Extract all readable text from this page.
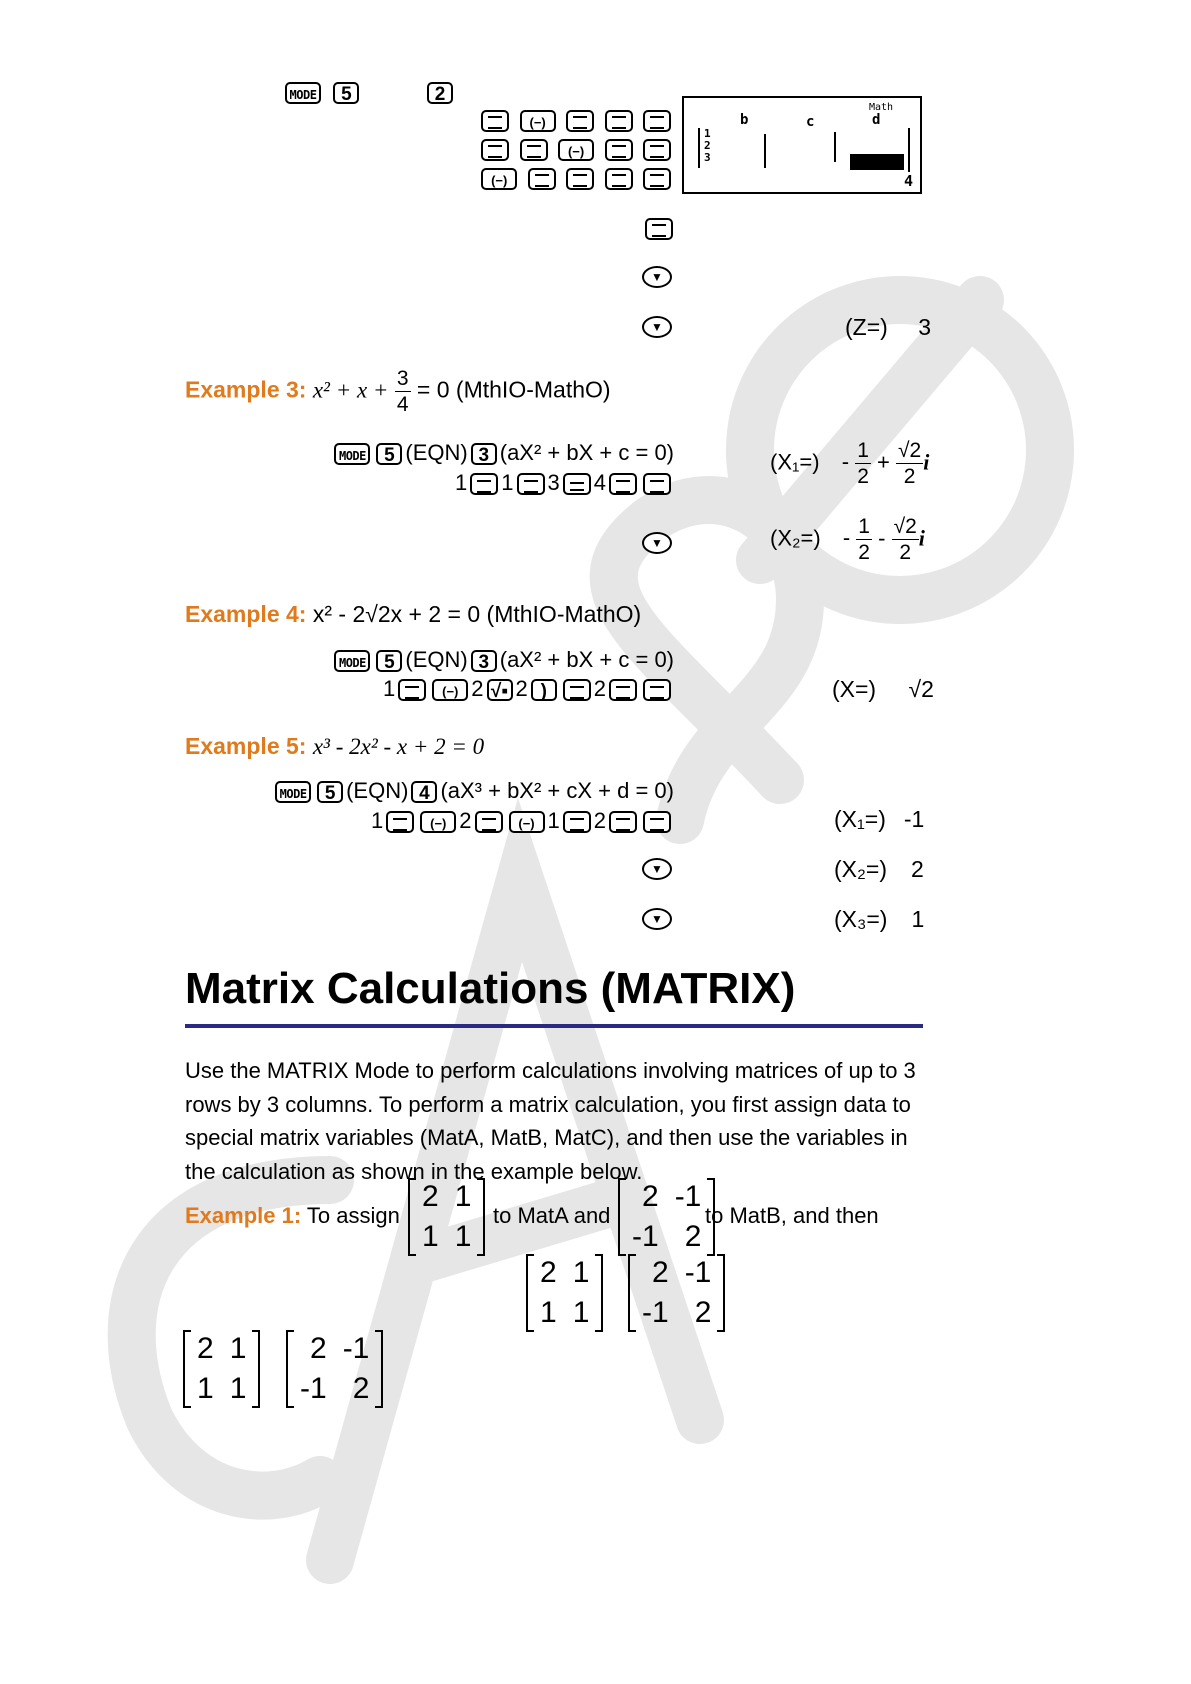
MODE 5	2
(−)
(−)
(−)
Math
b	c	d
1
2
3
4
▼
▼	(Z=) 3
Example 3: $x^2 + x + \frac{3}{4} = 0$ (MthIO-MathO)
MODE 5 (EQN) 3 (aX² + bX + c = 0)
1 1 3 4
$(X_1=) - \frac{1}{2} + \frac{√2}{2}$ i
▼	$(X_2=) - \frac{1}{2} - \frac{√2}{2}$ i
Example 4: x² - 2√2x + 2 = 0 (MthIO-MathO)
MODE 5 (EQN) 3 (aX² + bX + c = 0)
1	(−) 2 √▪ 2 ) 2	(X=) √2
Example 5: x³ - 2x² - x + 2 = 0
MODE 5 (EQN) 4 (aX³ + bX² + cX + d = 0)
1	(−) 2	(−) 1 2	(X₁=) -1
▼	(X₂=) 2
▼	(X₃=) 1
Matrix Calculations (MATRIX)
Use the MATRIX Mode to perform calculations involving matrices of up to 3 rows by 3 columns. To perform a matrix calculation, you first assign data to special matrix variables (MatA, MatB, MatC), and then use the variables in the calculation as shown in the example below.
Example 1: To assign
2 1
1 1
to MatA and
2 -1
-1 2
to MatB, and then
2 1
1 1
2 -1
-1 2
2 1
1 1
2 -1
-1 2
